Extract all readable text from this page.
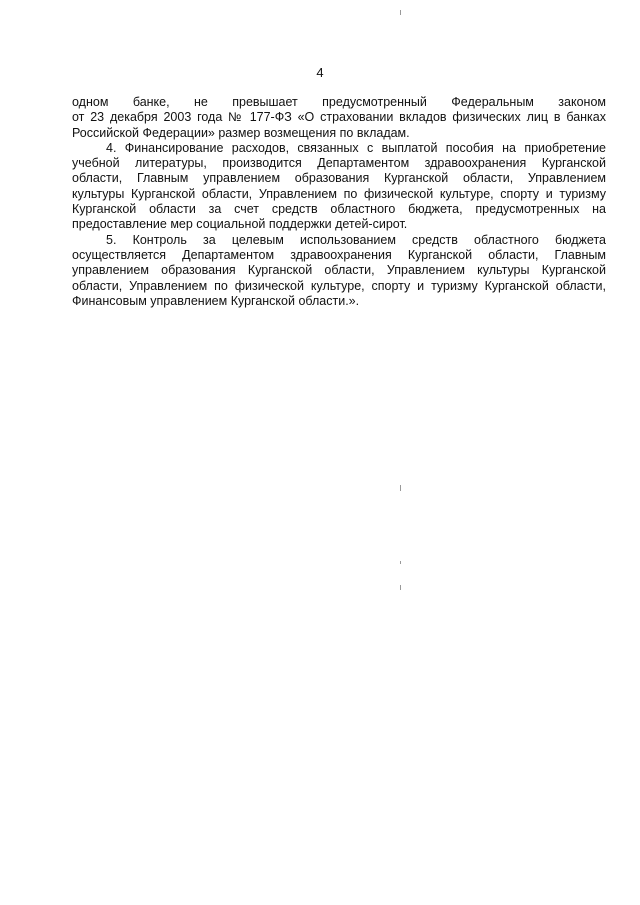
4

одном банке, не превышает предусмотренный Федеральным законом
от 23 декабря 2003 года № 177-ФЗ «О страховании вкладов физических лиц в банках
Российской Федерации» размер возмещения по вкладам.

4. Финансирование расходов, связанных с выплатой пособия на приобретение
учебной литературы, производится Департаментом здравоохранения Курганской
области, Главным управлением образования Курганской области, Управлением
культуры Курганской области, Управлением по физической культуре, спорту и туризму
Курганской области за счет средств областного бюджета, предусмотренных на
предоставление мер социальной поддержки детей-сирот.

5. Контроль за целевым использованием средств областного бюджета
осуществляется Департаментом здравоохранения Курганской области, Главным
управлением образования Курганской области, Управлением культуры Курганской
области, Управлением по физической культуре, спорту и туризму Курганской области,
Финансовым управлением Курганской области.».
